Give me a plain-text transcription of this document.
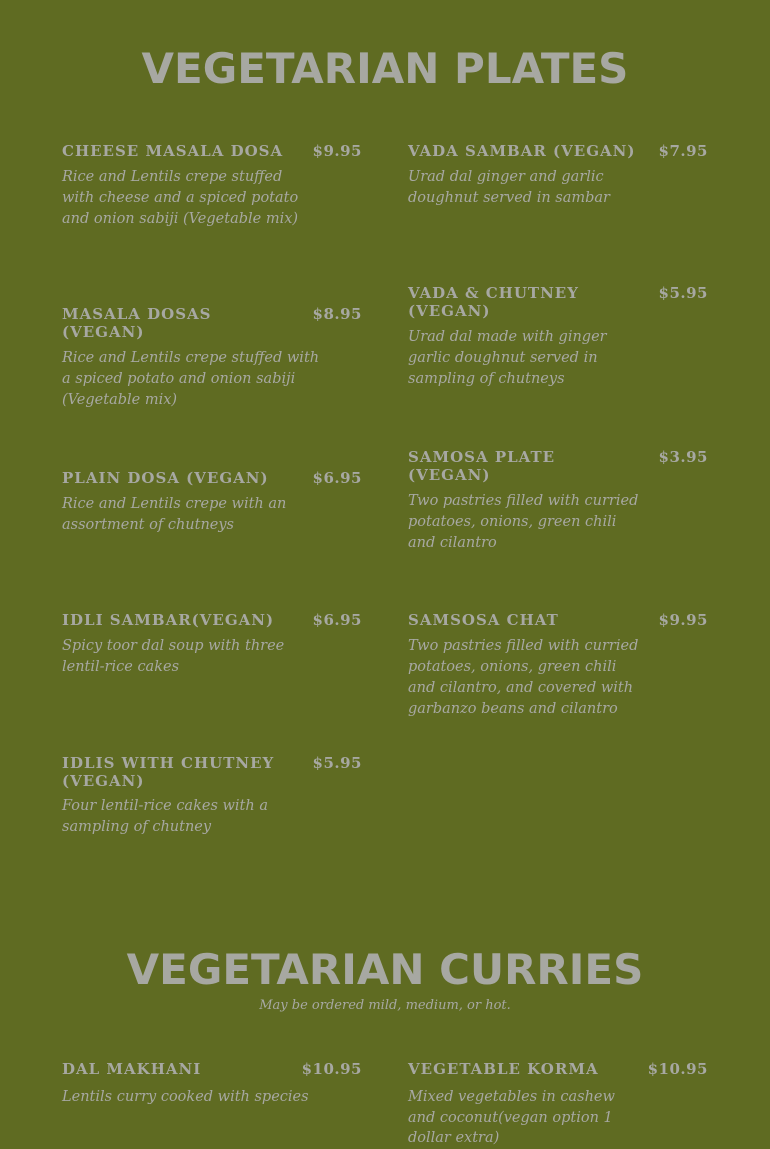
VEGETARIAN PLATES
CHEESE MASALA DOSA $9.95
Rice and Lentils crepe stuffed with cheese and a spiced potato and onion sabiji (Vegetable mix)
MASALA DOSAS (VEGAN)
$8.95
Rice and Lentils crepe stuffed with a spiced potato and onion sabiji (Vegetable mix)
PLAIN DOSA (VEGAN)	$6.95
Rice and Lentils crepe with an assortment of chutneys
IDLI SAMBAR(VEGAN)	$6.95
Spicy toor dal soup with three lentil-rice cakes
IDLIS WITH CHUTNEY (VEGAN)
$5.95
Four lentil-rice cakes with a sampling of chutney
VADA SAMBAR (VEGAN) $7.95
Urad dal ginger and garlic doughnut served in sambar
VADA & CHUTNEY (VEGAN)
$5.95
Urad dal made with ginger garlic doughnut served in sampling of chutneys
SAMOSA PLATE (VEGAN)
$3.95
Two pastries filled with curried potatoes, onions, green chili and cilantro
SAMSOSA CHAT	$9.95
Two pastries filled with curried potatoes, onions, green chili and cilantro, and covered with garbanzo beans and cilantro
VEGETARIAN CURRIES
May be ordered mild, medium, or hot.
DAL MAKHANI	$10.95
Lentils curry cooked with species
VEGETABLE KORMA	$10.95
Mixed vegetables in cashew and coconut(vegan option 1 dollar extra)
